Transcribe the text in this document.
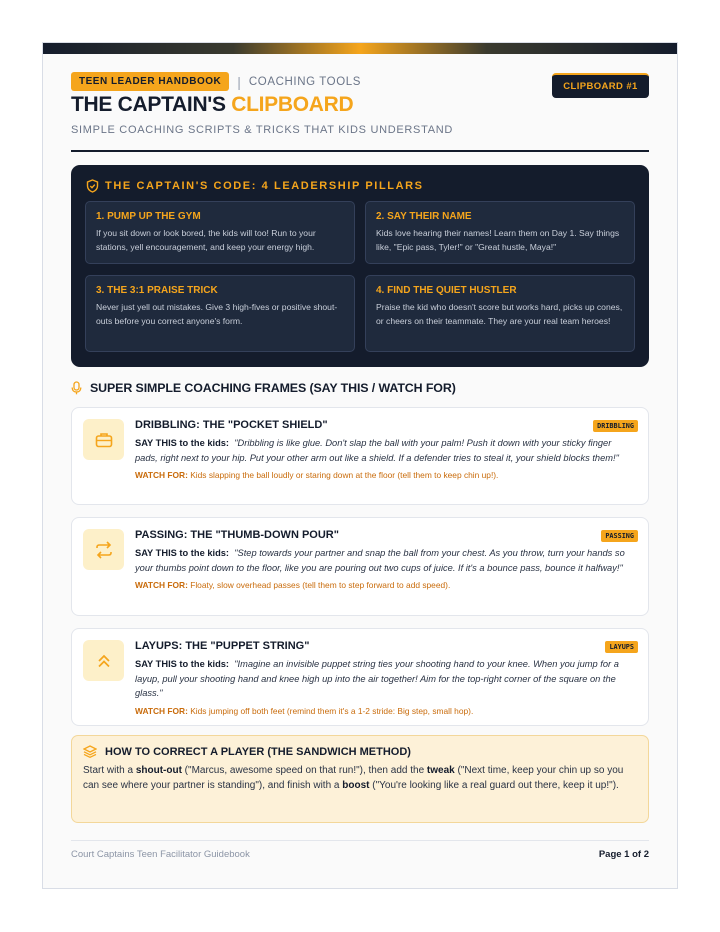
TEEN LEADER HANDBOOK	| COACHING TOOLS	CLIPBOARD #1
THE CAPTAIN'S CLIPBOARD
SIMPLE COACHING SCRIPTS & TRICKS THAT KIDS UNDERSTAND
THE CAPTAIN'S CODE: 4 LEADERSHIP PILLARS
1. PUMP UP THE GYM
If you sit down or look bored, the kids will too! Run to your stations, yell encouragement, and keep your energy high.
2. SAY THEIR NAME
Kids love hearing their names! Learn them on Day 1. Say things like, "Epic pass, Tyler!" or "Great hustle, Maya!"
3. THE 3:1 PRAISE TRICK
Never just yell out mistakes. Give 3 high-fives or positive shout-outs before you correct anyone's form.
4. FIND THE QUIET HUSTLER
Praise the kid who doesn't score but works hard, picks up cones, or cheers on their teammate. They are your real team heroes!
SUPER SIMPLE COACHING FRAMES (SAY THIS / WATCH FOR)
DRIBBLING
DRIBBLING: THE "POCKET SHIELD"
SAY THIS to the kids: "Dribbling is like glue. Don't slap the ball with your palm! Push it down with your sticky finger pads, right next to your hip. Put your other arm out like a shield. If a defender tries to steal it, your shield blocks them!"
WATCH FOR: Kids slapping the ball loudly or staring down at the floor (tell them to keep chin up!).
PASSING
PASSING: THE "THUMB-DOWN POUR"
SAY THIS to the kids: "Step towards your partner and snap the ball from your chest. As you throw, turn your hands so your thumbs point down to the floor, like you are pouring out two cups of juice. If it's a bounce pass, bounce it halfway!"
WATCH FOR: Floaty, slow overhead passes (tell them to step forward to add speed).
LAYUPS
LAYUPS: THE "PUPPET STRING"
SAY THIS to the kids: "Imagine an invisible puppet string ties your shooting hand to your knee. When you jump for a layup, pull your shooting hand and knee high up into the air together! Aim for the top-right corner of the square on the glass."
WATCH FOR: Kids jumping off both feet (remind them it's a 1-2 stride: Big step, small hop).
HOW TO CORRECT A PLAYER (THE SANDWICH METHOD)
Start with a shout-out ("Marcus, awesome speed on that run!"), then add the tweak ("Next time, keep your chin up so you can see where your partner is standing"), and finish with a boost ("You're looking like a real guard out there, keep it up!").
Court Captains Teen Facilitator Guidebook	Page 1 of 2
